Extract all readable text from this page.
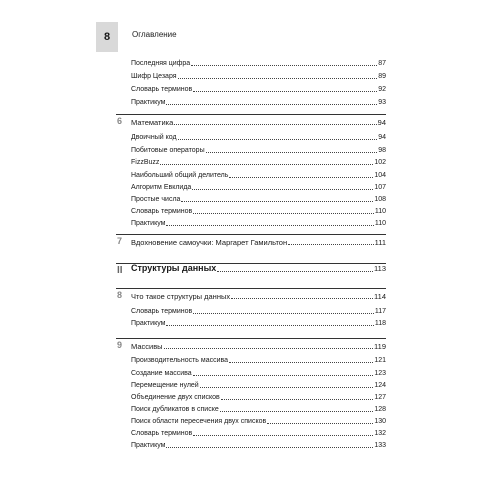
8	Оглавление
Последняя цифра	87
Шифр Цезаря	89
Словарь терминов	92
Практикум	93
6 Математика	94
Двоичный код	94
Побитовые операторы	98
FizzBuzz	102
Наибольший общий делитель	104
Алгоритм Евклида	107
Простые числа	108
Словарь терминов	110
Практикум	110
7 Вдохновение самоучки: Маргарет Гамильтон	111
II Структуры данных	113
8 Что такое структуры данных	114
Словарь терминов	117
Практикум	118
9 Массивы	119
Производительность массива	121
Создание массива	123
Перемещение нулей	124
Объединение двух списков	127
Поиск дубликатов в списке	128
Поиск области пересечения двух списков	130
Словарь терминов	132
Практикум	133
